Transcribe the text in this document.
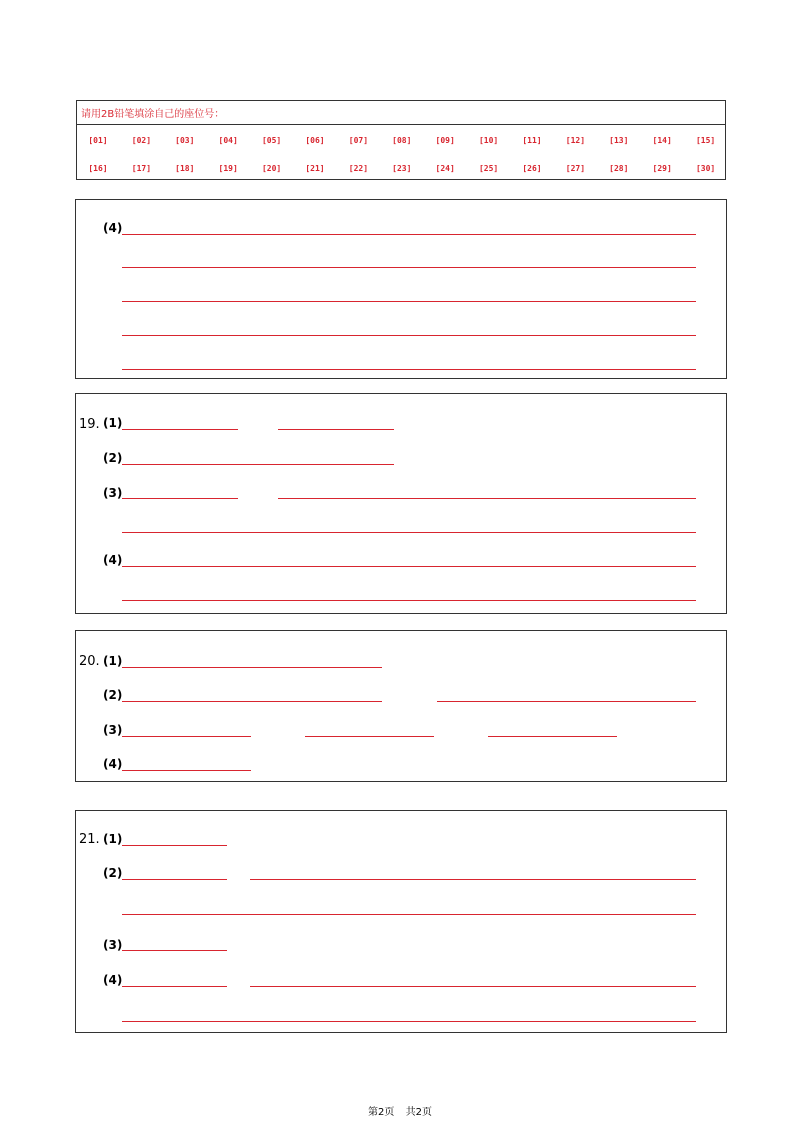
请用2B铅笔填涂自己的座位号：
[01]	[02]	[03]	[04]	[05]	[06]	[07]	[08]	[09]	[10]	[11]	[12]	[13]	[14]	[15]
[16]	[17]	[18]	[19]	[20]	[21]	[22]	[23]	[24]	[25]	[26]	[27]	[28]	[29]	[30]
(4)
19. (1)
(2)
(3)
(4)
20. (1)
(2)
(3)
(4)
21. (1)
(2)
(3)
(4)
第2页 共2页
